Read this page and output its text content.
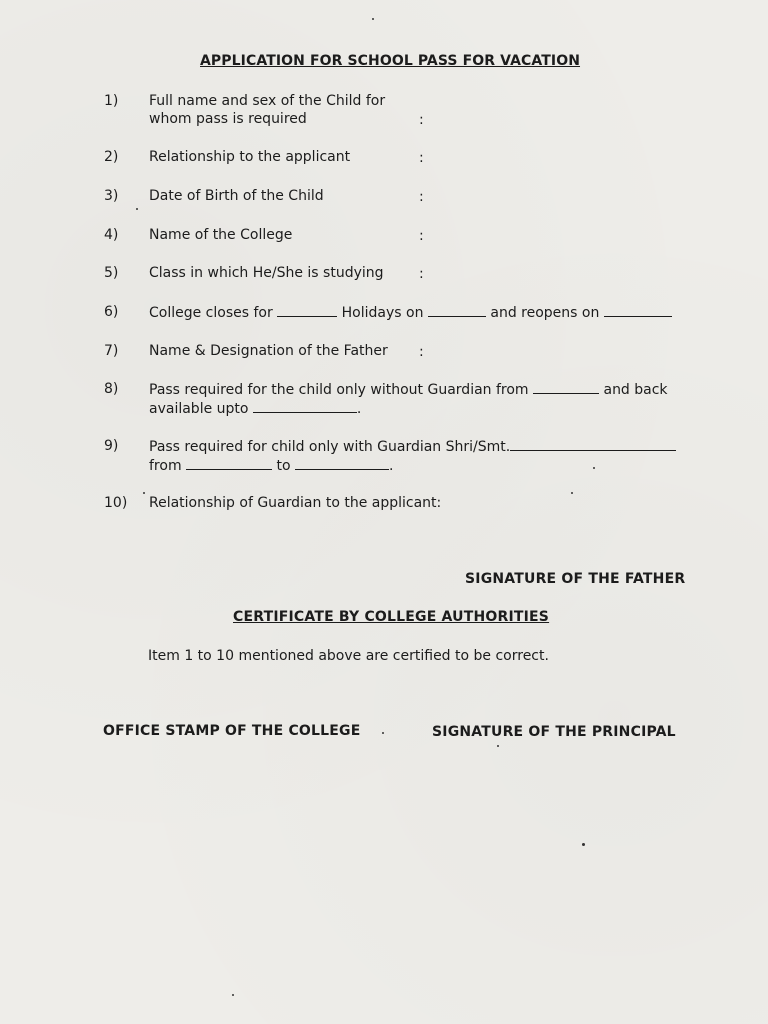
APPLICATION FOR SCHOOL PASS FOR VACATION
1) Full name and sex of the Child for
whom pass is required	:
2) Relationship to the applicant	:
3) Date of Birth of the Child	:
4) Name of the College	:
5) Class in which He/She is studying	:
6) College closes for	Holidays on	and reopens on
7) Name & Designation of the Father :
8) Pass required for the child only without Guardian from	and back
available upto	.
9) Pass required for child only with Guardian Shri/Smt.
from	to	.
10) Relationship of Guardian to the applicant:
SIGNATURE OF THE FATHER
CERTIFICATE BY COLLEGE AUTHORITIES
Item 1 to 10 mentioned above are certified to be correct.
OFFICE STAMP OF THE COLLEGE	SIGNATURE OF THE PRINCIPAL
